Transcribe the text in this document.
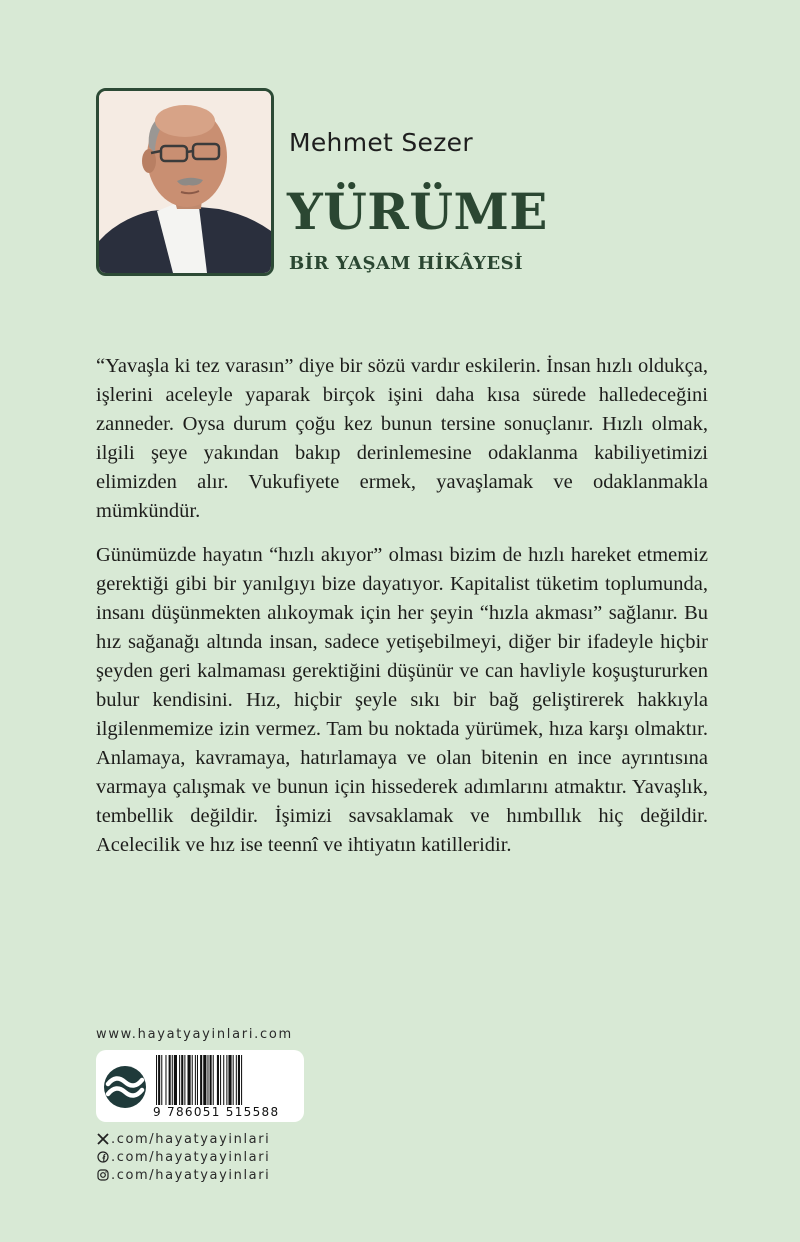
Mehmet Sezer
YÜRÜME
BİR YAŞAM HİKÂYESİ

“Yavaşla ki tez varasın” diye bir sözü vardır eskilerin. İnsan hızlı oldukça, işlerini aceleyle yaparak birçok işini daha kısa sürede halledeceğini zanneder. Oysa durum çoğu kez bunun tersine sonuçlanır. Hızlı olmak, ilgili şeye yakından bakıp derinlemesine odaklanma kabiliyetimizi elimizden alır. Vukufiyete ermek, yavaşlamak ve odaklanmakla mümkündür.

Günümüzde hayatın “hızlı akıyor” olması bizim de hızlı hareket etmemiz gerektiği gibi bir yanılgıyı bize dayatıyor. Kapitalist tüketim toplumunda, insanı düşünmekten alıkoymak için her şeyin “hızla akması” sağlanır. Bu hız sağanağı altında insan, sadece yetişebilmeyi, diğer bir ifadeyle hiçbir şeyden geri kalmaması gerektiğini düşünür ve can havliyle koşuştururken bulur kendisini. Hız, hiçbir şeyle sıkı bir bağ geliştirerek hakkıyla ilgilenmemize izin vermez. Tam bu noktada yürümek, hıza karşı olmaktır. Anlamaya, kavramaya, hatırlamaya ve olan bitenin en ince ayrıntısına varmaya çalışmak ve bunun için hissederek adımlarını atmaktır. Yavaşlık, tembellik değildir. İşimizi savsaklamak ve hımbıllık hiç değildir. Acelecilik ve hız ise teennî ve ihtiyatın katilleridir.

www.hayatyayinlari.com
9 786051 515588
.com/hayatyayinlari
.com/hayatyayinlari
.com/hayatyayinlari
